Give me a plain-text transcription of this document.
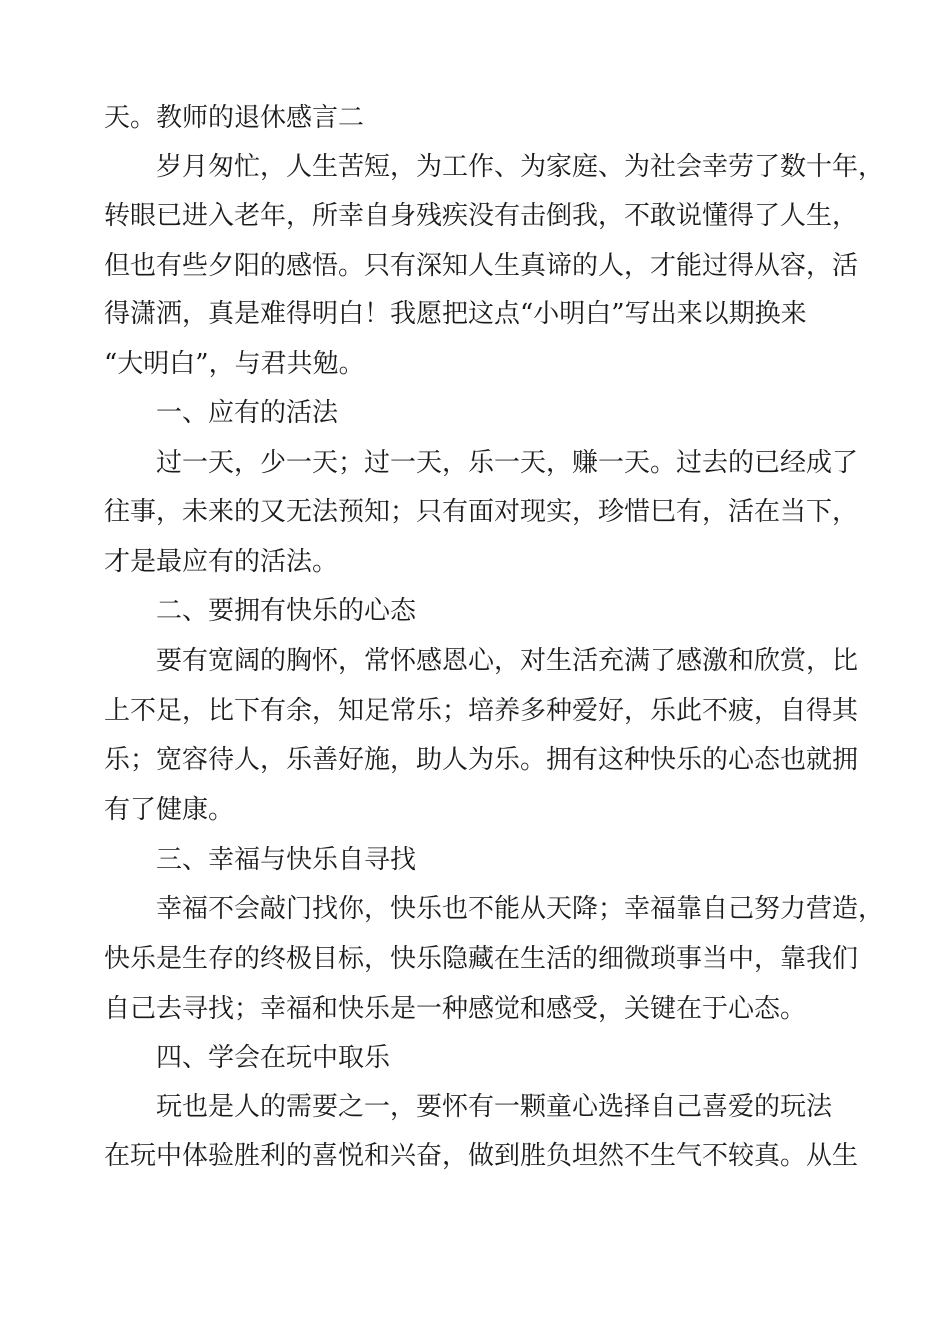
天。教师的退休感言二
岁月匆忙，人生苦短，为工作、为家庭、为社会幸劳了数十年，
转眼已进入老年，所幸自身残疾没有击倒我，不敢说懂得了人生，
但也有些夕阳的感悟。只有深知人生真谛的人，才能过得从容，活
得潇洒，真是难得明白！我愿把这点“小明白”写出来以期换来
“大明白”，与君共勉。
一、应有的活法
过一天，少一天；过一天，乐一天，赚一天。过去的已经成了
往事，未来的又无法预知；只有面对现实，珍惜巳有，活在当下，
才是最应有的活法。
二、要拥有快乐的心态
要有宽阔的胸怀，常怀感恩心，对生活充满了感激和欣赏，比
上不足，比下有余，知足常乐；培养多种爱好，乐此不疲，自得其
乐；宽容待人，乐善好施，助人为乐。拥有这种快乐的心态也就拥
有了健康。
三、幸福与快乐自寻找
幸福不会敲门找你，快乐也不能从天降；幸福靠自己努力营造，
快乐是生存的终极目标，快乐隐藏在生活的细微琐事当中，靠我们
自己去寻找；幸福和快乐是一种感觉和感受，关键在于心态。
四、学会在玩中取乐
玩也是人的需要之一，要怀有一颗童心选择自己喜爱的玩法
在玩中体验胜利的喜悦和兴奋，做到胜负坦然不生气不较真。从生
